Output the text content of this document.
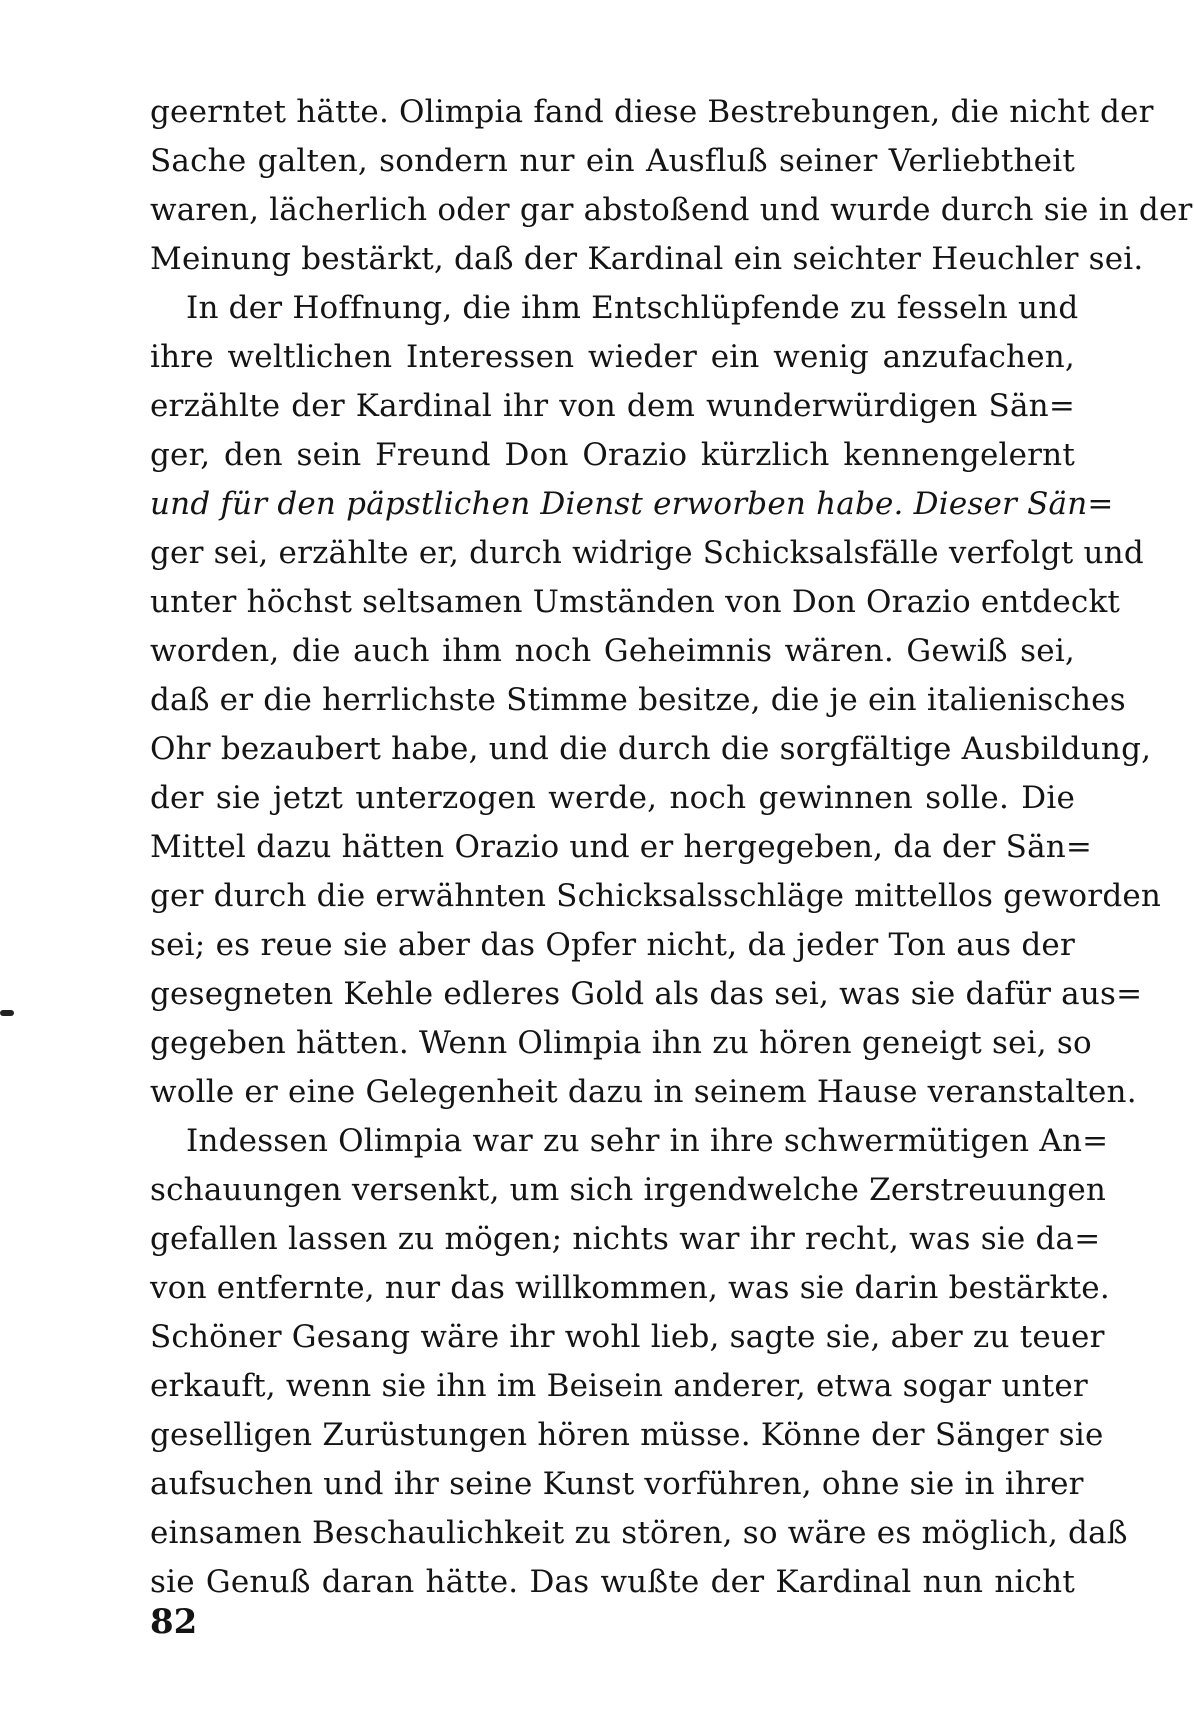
geerntet hätte. Olimpia fand diese Bestrebungen, die nicht der
Sache galten, sondern nur ein Ausfluß seiner Verliebtheit
waren, lächerlich oder gar abstoßend und wurde durch sie in der
Meinung bestärkt, daß der Kardinal ein seichter Heuchler sei.
In der Hoffnung, die ihm Entschlüpfende zu fesseln und
ihre weltlichen Interessen wieder ein wenig anzufachen,
erzählte der Kardinal ihr von dem wunderwürdigen Sän=
ger, den sein Freund Don Orazio kürzlich kennengelernt
und für den päpstlichen Dienst erworben habe. Dieser Sän=
ger sei, erzählte er, durch widrige Schicksalsfälle verfolgt und
unter höchst seltsamen Umständen von Don Orazio entdeckt
worden, die auch ihm noch Geheimnis wären. Gewiß sei,
daß er die herrlichste Stimme besitze, die je ein italienisches
Ohr bezaubert habe, und die durch die sorgfältige Ausbildung,
der sie jetzt unterzogen werde, noch gewinnen solle. Die
Mittel dazu hätten Orazio und er hergegeben, da der Sän=
ger durch die erwähnten Schicksalsschläge mittellos geworden
sei; es reue sie aber das Opfer nicht, da jeder Ton aus der
gesegneten Kehle edleres Gold als das sei, was sie dafür aus=
gegeben hätten. Wenn Olimpia ihn zu hören geneigt sei, so
wolle er eine Gelegenheit dazu in seinem Hause veranstalten.
Indessen Olimpia war zu sehr in ihre schwermütigen An=
schauungen versenkt, um sich irgendwelche Zerstreuungen
gefallen lassen zu mögen; nichts war ihr recht, was sie da=
von entfernte, nur das willkommen, was sie darin bestärkte.
Schöner Gesang wäre ihr wohl lieb, sagte sie, aber zu teuer
erkauft, wenn sie ihn im Beisein anderer, etwa sogar unter
geselligen Zurüstungen hören müsse. Könne der Sänger sie
aufsuchen und ihr seine Kunst vorführen, ohne sie in ihrer
einsamen Beschaulichkeit zu stören, so wäre es möglich, daß
sie Genuß daran hätte. Das wußte der Kardinal nun nicht
82
